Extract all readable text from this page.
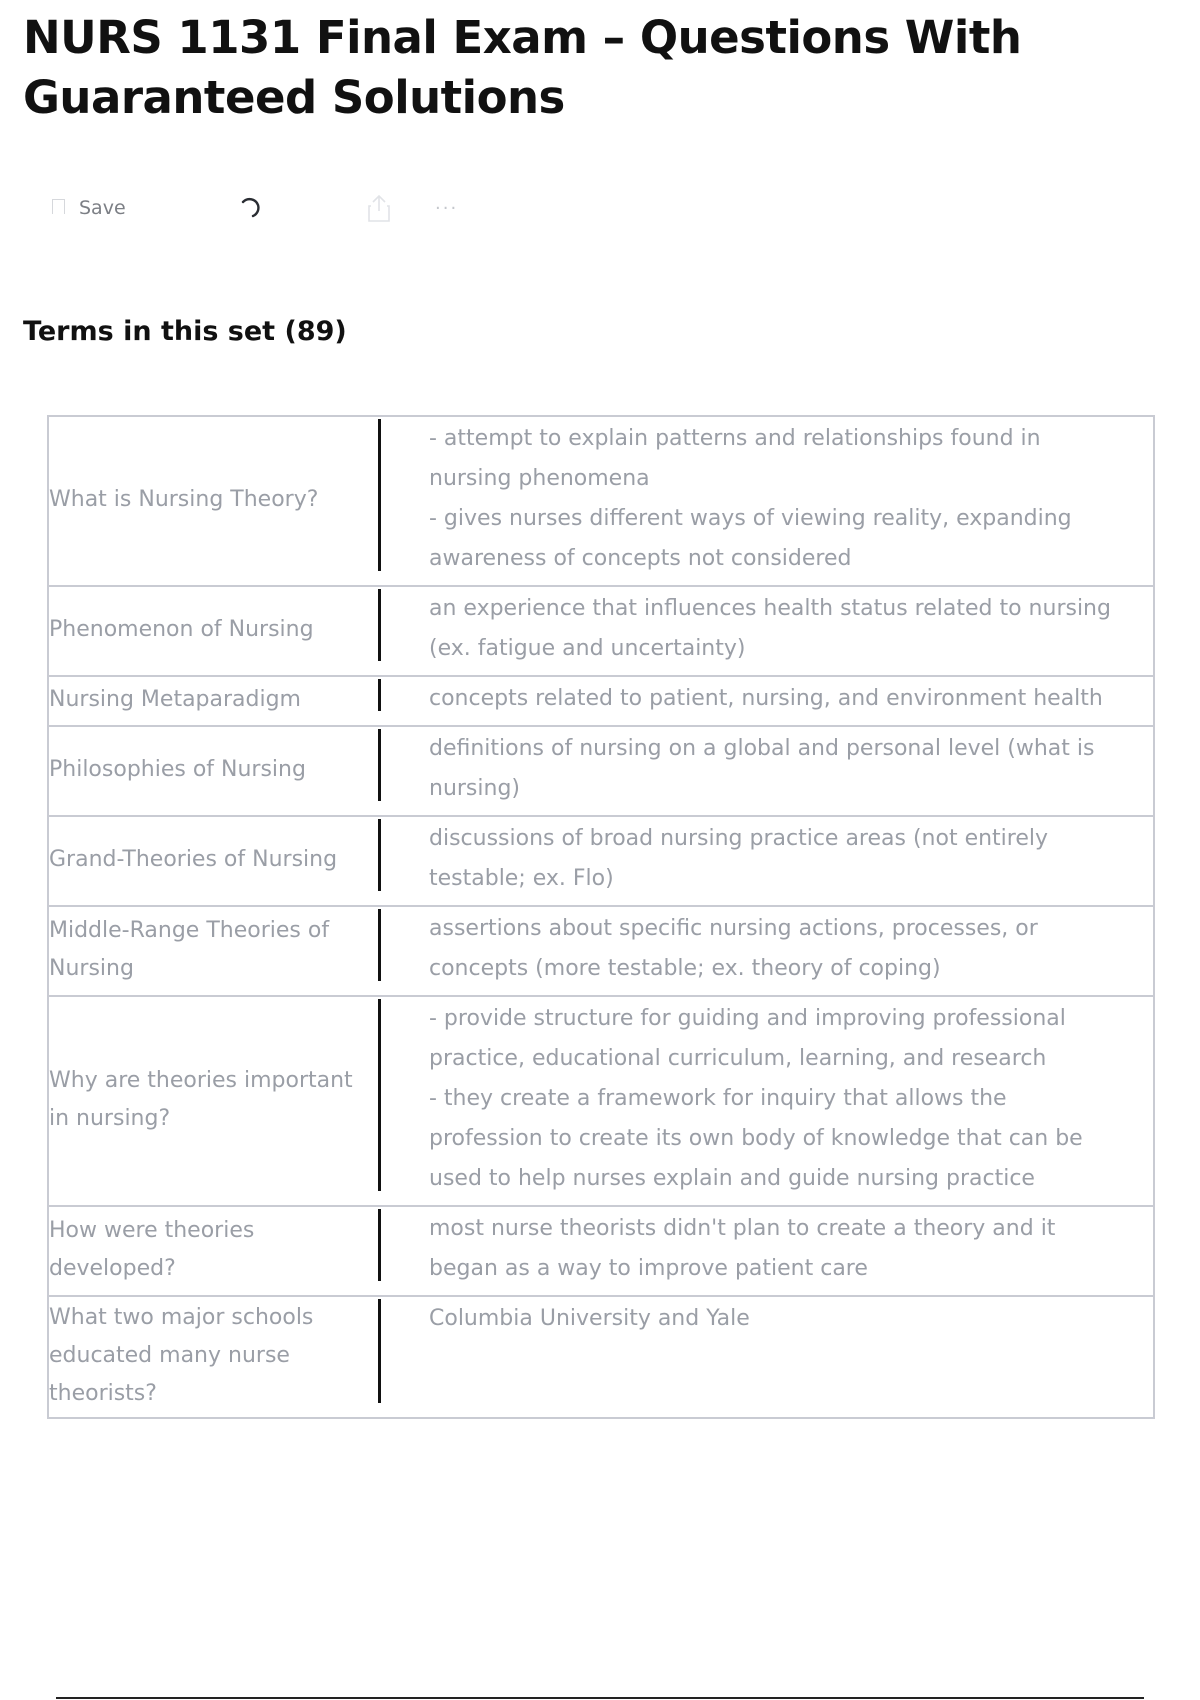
NURS 1131 Final Exam – Questions With Guaranteed Solutions
Save	···
Terms in this set (89)
What is Nursing Theory?	- attempt to explain patterns and relationships found in nursing phenomena
- gives nurses different ways of viewing reality, expanding awareness of concepts not considered

Phenomenon of Nursing	an experience that influences health status related to nursing (ex. fatigue and uncertainty)

Nursing Metaparadigm	concepts related to patient, nursing, and environment health

Philosophies of Nursing	definitions of nursing on a global and personal level (what is nursing)

Grand-Theories of Nursing	discussions of broad nursing practice areas (not entirely testable; ex. Flo)

Middle-Range Theories of Nursing	assertions about specific nursing actions, processes, or concepts (more testable; ex. theory of coping)

Why are theories important in nursing?	- provide structure for guiding and improving professional practice, educational curriculum, learning, and research
- they create a framework for inquiry that allows the profession to create its own body of knowledge that can be used to help nurses explain and guide nursing practice

How were theories developed?	most nurse theorists didn't plan to create a theory and it began as a way to improve patient care

What two major schools educated many nurse theorists?	Columbia University and Yale
